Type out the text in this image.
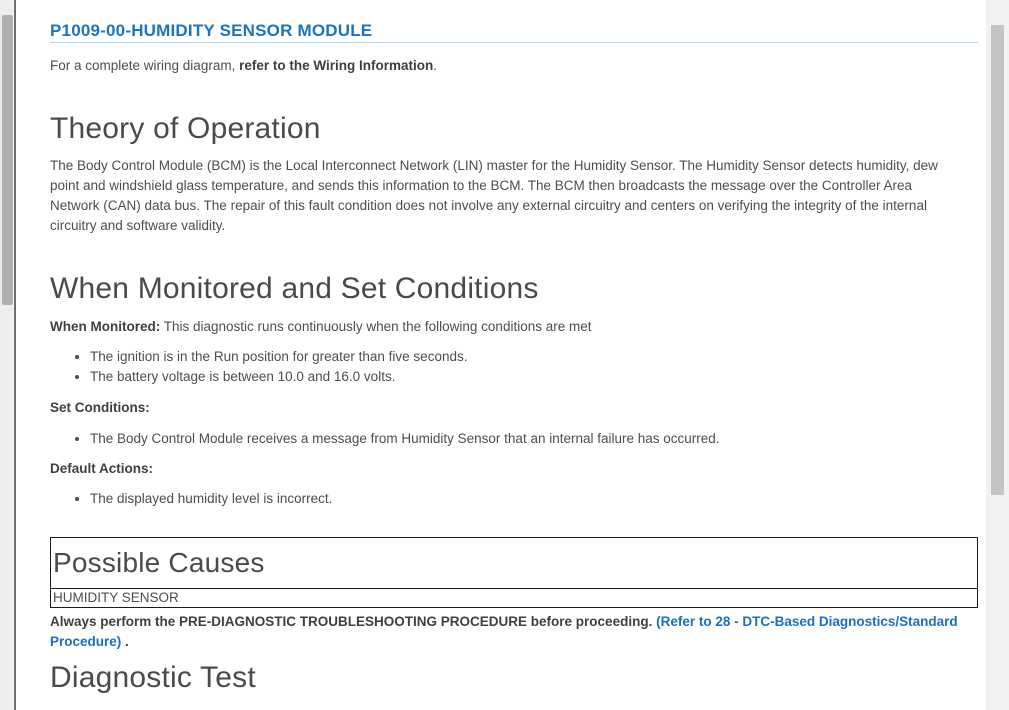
P1009-00-HUMIDITY SENSOR MODULE

For a complete wiring diagram, refer to the Wiring Information.

Theory of Operation

The Body Control Module (BCM) is the Local Interconnect Network (LIN) master for the Humidity Sensor. The Humidity Sensor detects humidity, dew point and windshield glass temperature, and sends this information to the BCM. The BCM then broadcasts the message over the Controller Area Network (CAN) data bus. The repair of this fault condition does not involve any external circuitry and centers on verifying the integrity of the internal circuitry and software validity.

When Monitored and Set Conditions

When Monitored: This diagnostic runs continuously when the following conditions are met

• The ignition is in the Run position for greater than five seconds.
• The battery voltage is between 10.0 and 16.0 volts.

Set Conditions:

• The Body Control Module receives a message from Humidity Sensor that an internal failure has occurred.

Default Actions:

• The displayed humidity level is incorrect.
Possible Causes
HUMIDITY SENSOR

Always perform the PRE-DIAGNOSTIC TROUBLESHOOTING PROCEDURE before proceeding. (Refer to 28 - DTC-Based Diagnostics/Standard Procedure) .

Diagnostic Test
